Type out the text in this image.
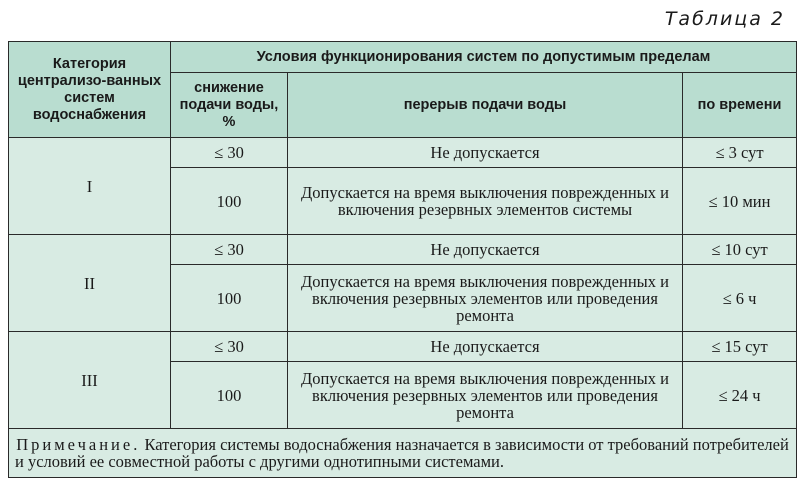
Таблица 2
Категория централизо-ванных систем водоснабжения	Условия функционирования систем по допустимым пределам		
	снижение подачи воды, %	перерыв подачи воды	по времени
I	≤ 30	Не допускается	≤ 3 сут
	100	Допускается на время выключения поврежденных и включения резервных элементов системы	≤ 10 мин
II	≤ 30	Не допускается	≤ 10 сут
	100	Допускается на время выключения поврежденных и включения резервных элементов или проведения ремонта	≤ 6 ч
III	≤ 30	Не допускается	≤ 15 сут
	100	Допускается на время выключения поврежденных и включения резервных элементов или проведения ремонта	≤ 24 ч
Примечание. Категория системы водоснабжения назначается в зависимости от требований потребителей и условий ее совместной работы с другими однотипными системами.			
